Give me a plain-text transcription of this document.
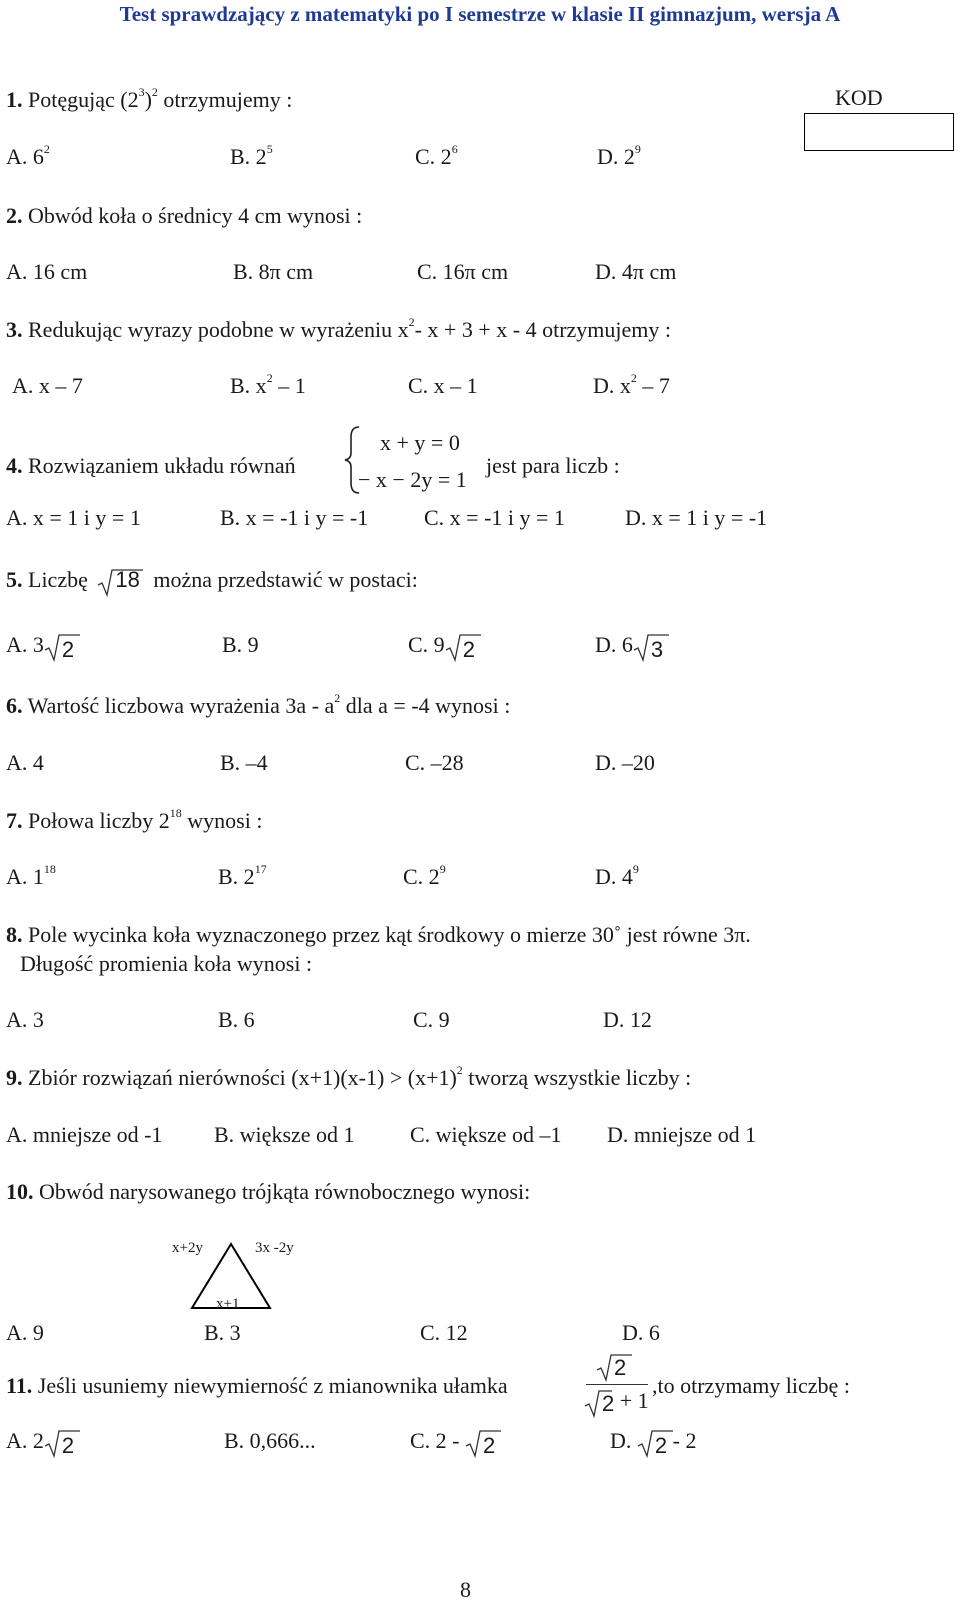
Test sprawdzający z matematyki po I semestrze w klasie II gimnazjum, wersja A
KOD
1. Potęgując $(2^3)^2$ otrzymujemy :
A. $6^2$	B. $2^5$	C. $2^6$	D. $2^9$
2. Obwód koła o średnicy 4 cm wynosi :
A. 16 cm	B. 8π cm	C. 16π cm	D. 4π cm
3. Redukując wyrazy podobne w wyrażeniu $x^2-$ x + 3 + x - 4 otrzymujemy :
A. x – 7	B. $x^2 - 1$	C. x – 1	D. $x^2 - 7$
4. Rozwiązaniem układu równań
x + y = 0
− x − 2y = 1
jest para liczb :
A. x = 1 i y = 1	B. x = -1 i y = -1	C. x = -1 i y = 1	D. x = 1 i y = -1
5. Liczbę 18 można przedstawić w postaci:
A. 3 2	B. 9	C. 9 2	D. 6 3
6. Wartość liczbowa wyrażenia $3a - a^2$ dla a = -4 wynosi :
A. 4	B. –4	C. –28	D. –20
7. Połowa liczby $2^{18}$ wynosi :
A. $1^{18}$	B. $2^{17}$	C. $2^9$	D. $4^9$
8. Pole wycinka koła wyznaczonego przez kąt środkowy o mierze 30˚ jest równe 3π.
Długość promienia koła wynosi :
A. 3	B. 6	C. 9	D. 12
9. Zbiór rozwiązań nierówności $(x+1)(x-1) > (x+1)^2$ tworzą wszystkie liczby :
A. mniejsze od -1 B. większe od 1	C. większe od –1 D. mniejsze od 1
10. Obwód narysowanego trójkąta równobocznego wynosi:
x+2y	3x -2y
x+1
A. 9	B. 3	C. 12	D. 6
11. Jeśli usuniemy niewymierność z mianownika ułamka
2
2 + 1
,to otrzymamy liczbę :
A. 2 2	B. 0,666...	C. 2 -
2	D.
2 - 2
8
